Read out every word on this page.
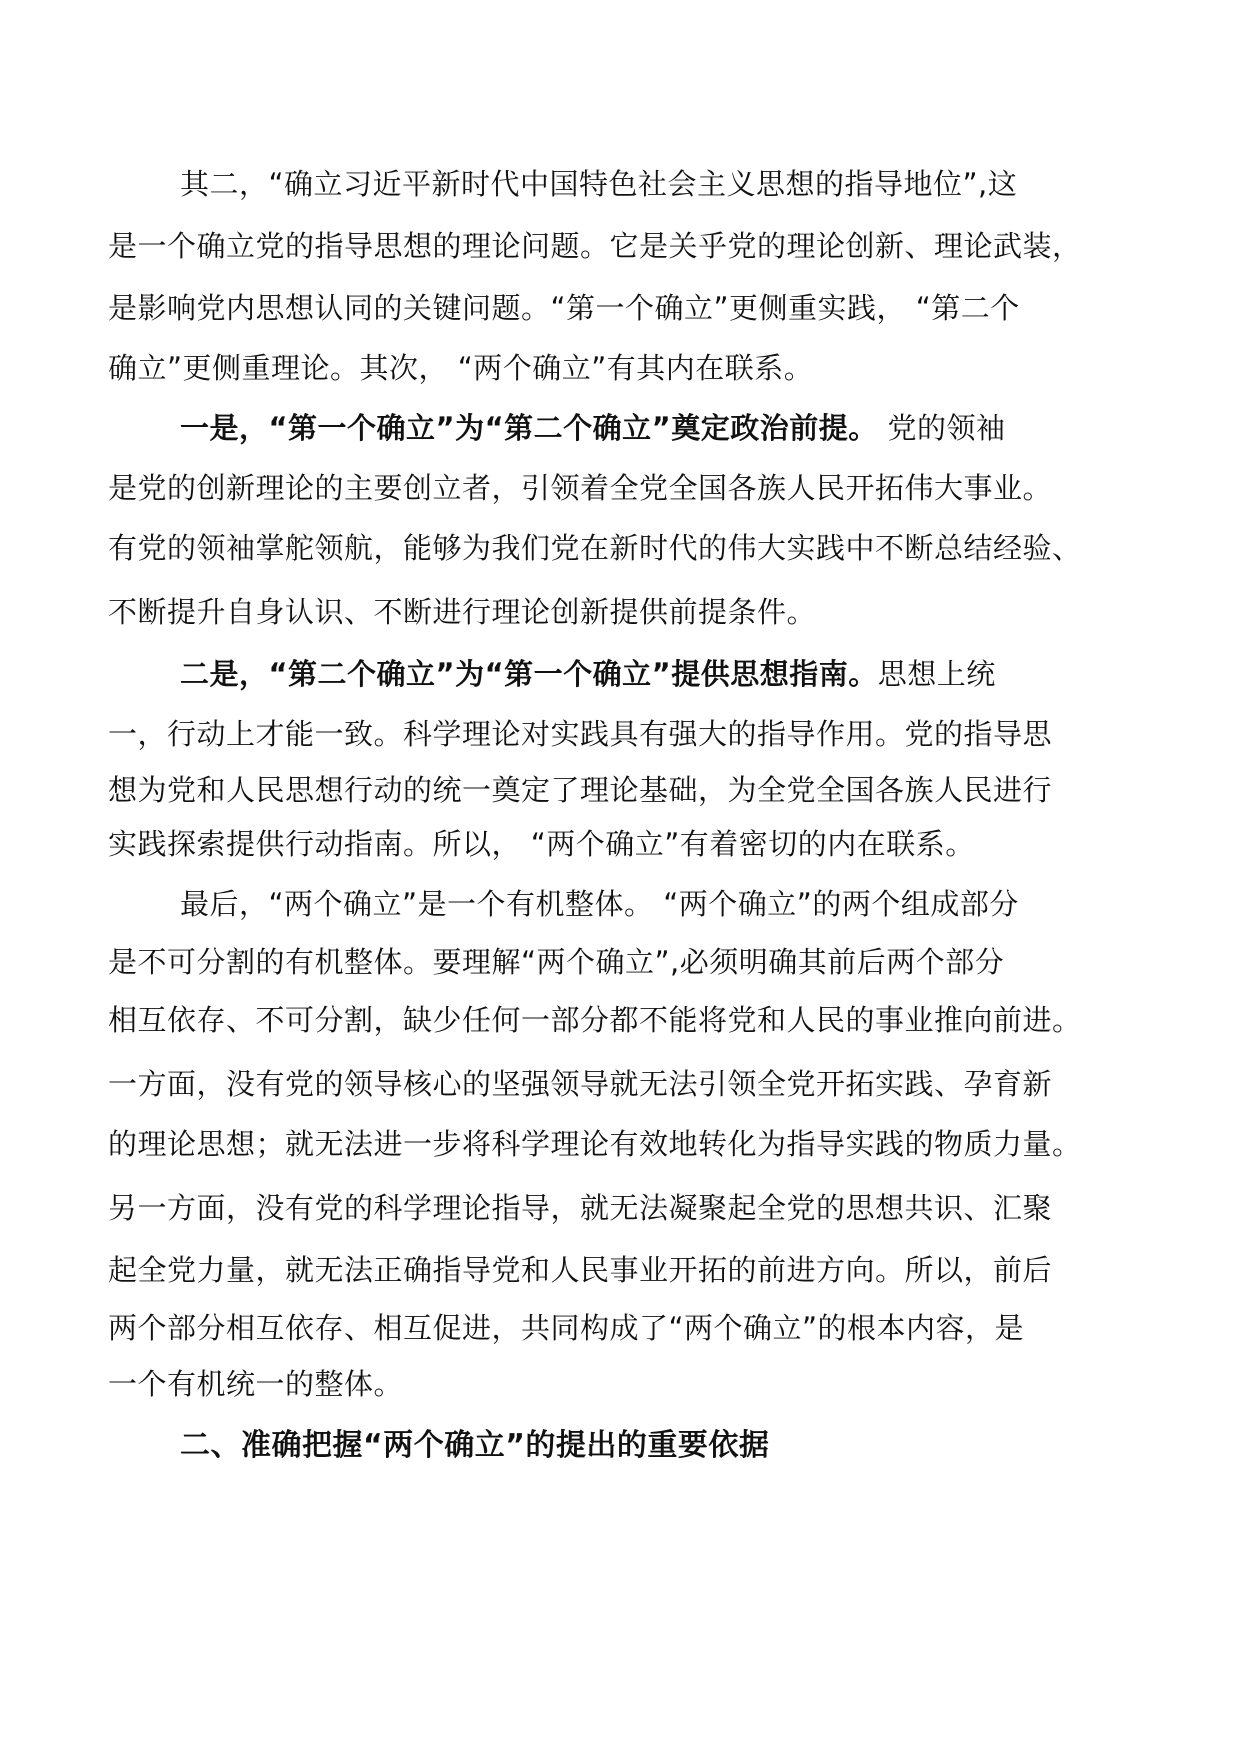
其二，“确立习近平新时代中国特色社会主义思想的指导地位”,这
是一个确立党的指导思想的理论问题。它是关乎党的理论创新、理论武装，
是影响党内思想认同的关键问题。“第一个确立”更侧重实践， “第二个
确立”更侧重理论。其次， “两个确立”有其内在联系。
一是，“第一个确立”为“第二个确立”奠定政治前提。 党的领袖
是党的创新理论的主要创立者，引领着全党全国各族人民开拓伟大事业。
有党的领袖掌舵领航，能够为我们党在新时代的伟大实践中不断总结经验、
不断提升自身认识、不断进行理论创新提供前提条件。
二是，“第二个确立”为“第一个确立”提供思想指南。思想上统
一，行动上才能一致。科学理论对实践具有强大的指导作用。党的指导思
想为党和人民思想行动的统一奠定了理论基础，为全党全国各族人民进行
实践探索提供行动指南。所以， “两个确立”有着密切的内在联系。
最后，“两个确立”是一个有机整体。 “两个确立”的两个组成部分
是不可分割的有机整体。要理解“两个确立”,必须明确其前后两个部分
相互依存、不可分割，缺少任何一部分都不能将党和人民的事业推向前进。
一方面，没有党的领导核心的坚强领导就无法引领全党开拓实践、孕育新
的理论思想；就无法进一步将科学理论有效地转化为指导实践的物质力量。
另一方面，没有党的科学理论指导，就无法凝聚起全党的思想共识、汇聚
起全党力量，就无法正确指导党和人民事业开拓的前进方向。所以，前后
两个部分相互依存、相互促进，共同构成了“两个确立”的根本内容，是
一个有机统一的整体。
二、准确把握“两个确立”的提出的重要依据
